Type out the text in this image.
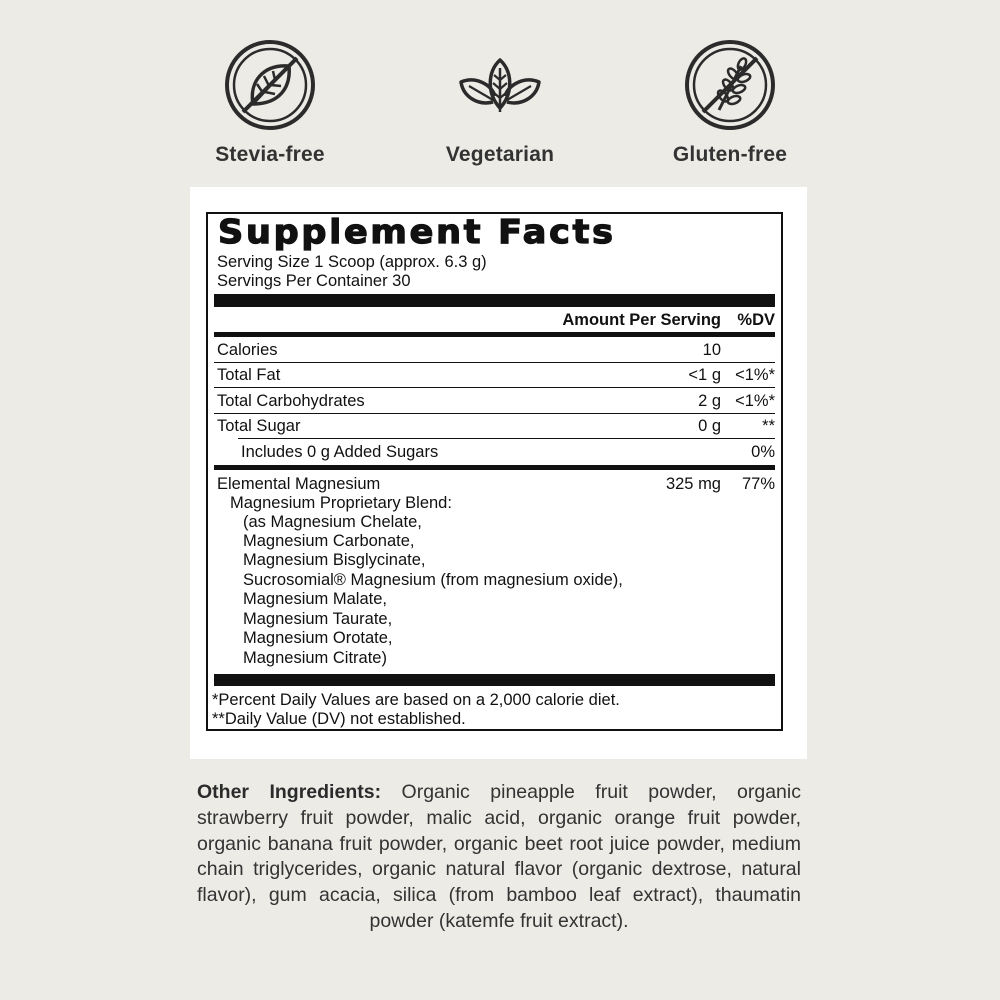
Stevia-free	Vegetarian	Gluten-free
Supplement Facts
Serving Size 1 Scoop (approx. 6.3 g)
Servings Per Container 30
Amount Per Serving %DV
Calories	10
Total Fat	<1 g <1%*
Total Carbohydrates	2 g <1%*
Total Sugar	0 g **
Includes 0 g Added Sugars	0%
Elemental Magnesium	325 mg 77%
Magnesium Proprietary Blend:
(as Magnesium Chelate,
Magnesium Carbonate,
Magnesium Bisglycinate,
Sucrosomial® Magnesium (from magnesium oxide),
Magnesium Malate,
Magnesium Taurate,
Magnesium Orotate,
Magnesium Citrate)
*Percent Daily Values are based on a 2,000 calorie diet.
**Daily Value (DV) not established.
Other Ingredients: Organic pineapple fruit powder, organic strawberry fruit powder, malic acid, organic orange fruit powder, organic banana fruit powder, organic beet root juice powder, medium chain triglycerides, organic natural flavor (organic dextrose, natural flavor), gum acacia, silica (from bamboo leaf extract), thaumatin powder (katemfe fruit extract).
